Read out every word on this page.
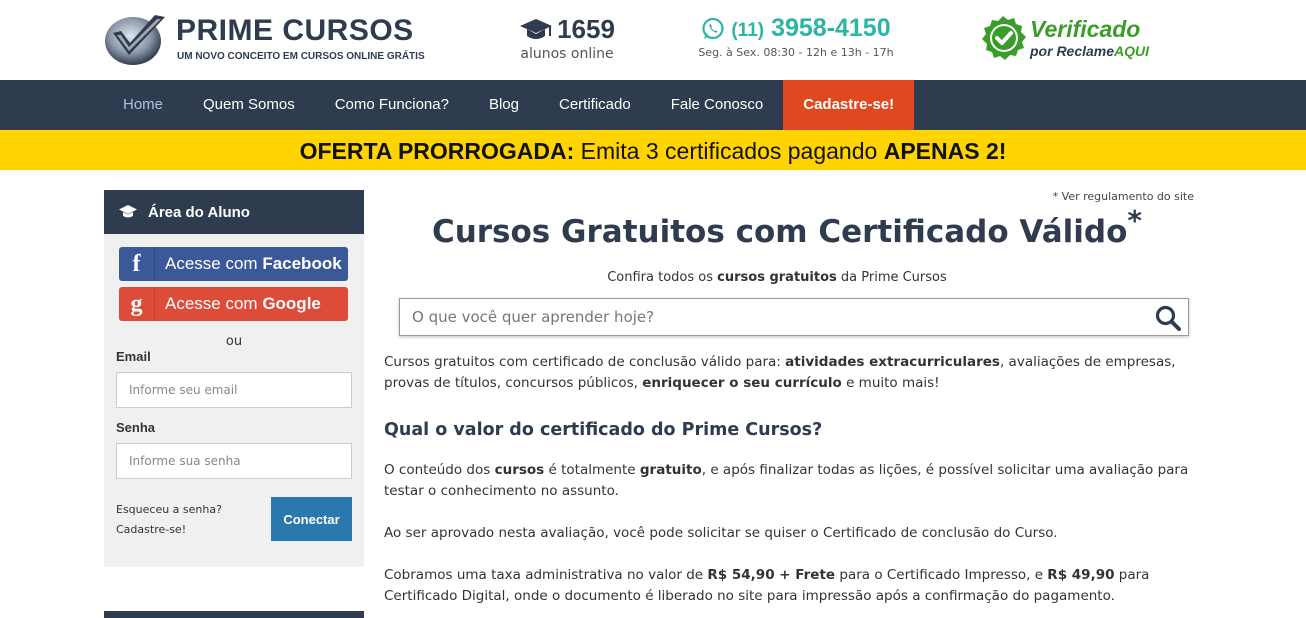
PRIME CURSOS
UM NOVO CONCEITO EM CURSOS ONLINE GRÁTIS
1659
alunos online
(11) 3958-4150
Seg. à Sex. 08:30 - 12h e 13h - 17h
Verificado
por ReclameAQUI
Home	Quem Somos	Como Funciona?	Blog	Certificado	Fale Conosco	Cadastre-se!
OFERTA PRORROGADA: Emita 3 certificados pagando APENAS 2!
Área do Aluno
f	Acesse com Facebook
g	Acesse com Google
ou
Email
Informe seu email
Senha
Esqueceu a senha?
Cadastre-se!
Conectar
* Ver regulamento do site
Cursos Gratuitos com Certificado Válido*
Confira todos os cursos gratuitos da Prime Cursos
O que você quer aprender hoje?

Cursos gratuitos com certificado de conclusão válido para: atividades extracurriculares, avaliações de empresas, provas de títulos, concursos públicos, enriquecer o seu currículo e muito mais!

Qual o valor do certificado do Prime Cursos?

O conteúdo dos cursos é totalmente gratuito, e após finalizar todas as lições, é possível solicitar uma avaliação para testar o conhecimento no assunto.

Ao ser aprovado nesta avaliação, você pode solicitar se quiser o Certificado de conclusão do Curso.

Cobramos uma taxa administrativa no valor de R$ 54,90 + Frete para o Certificado Impresso, e R$ 49,90 para Certificado Digital, onde o documento é liberado no site para impressão após a confirmação do pagamento.
